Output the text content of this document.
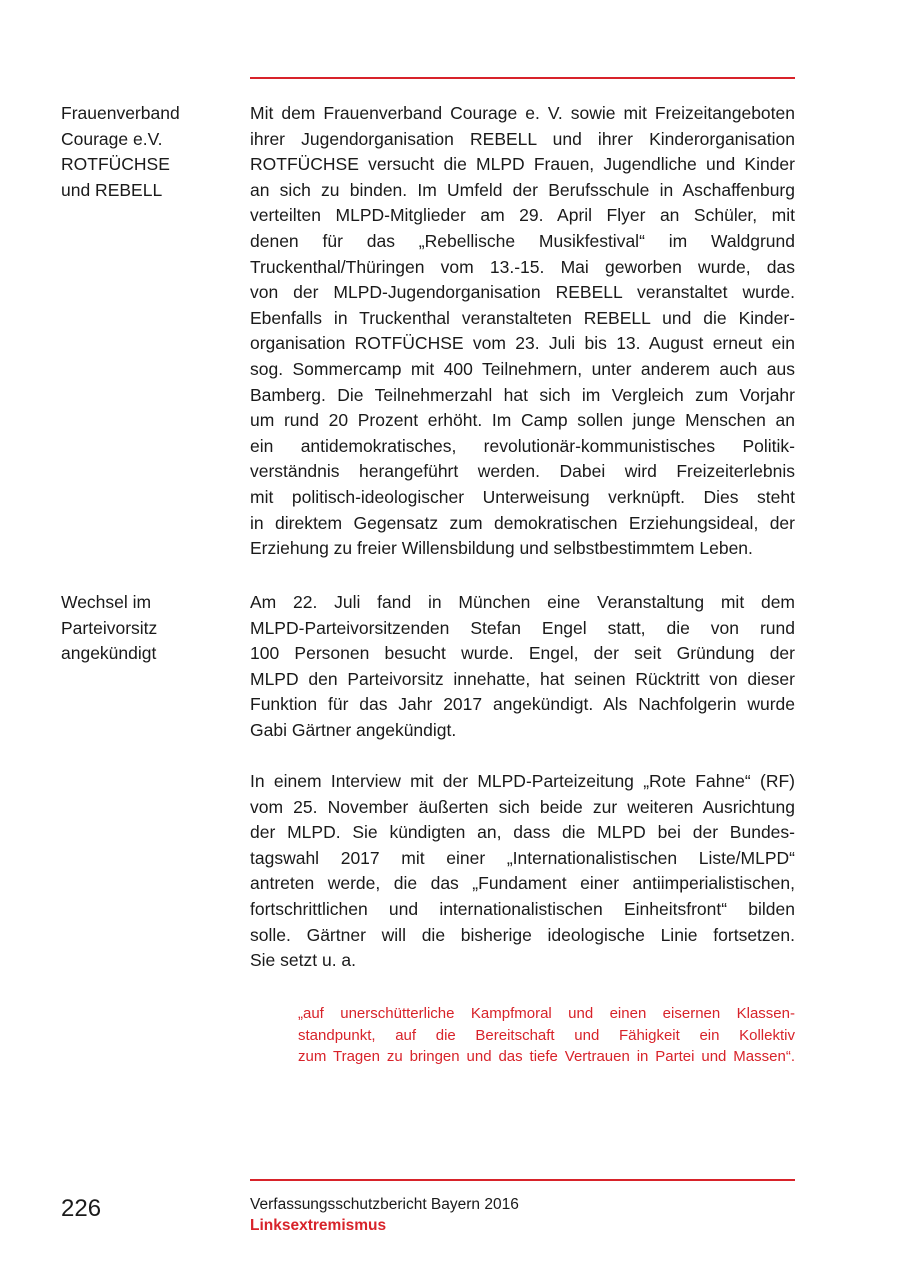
Frauenverband
Courage e.V.
ROTFÜCHSE
und REBELL
Mit dem Frauenverband Courage e. V. sowie mit Freizeitangeboten
ihrer Jugendorganisation REBELL und ihrer Kinderorganisation
ROTFÜCHSE versucht die MLPD Frauen, Jugendliche und Kinder
an sich zu binden. Im Umfeld der Berufsschule in Aschaffenburg
verteilten MLPD-Mitglieder am 29. April Flyer an Schüler, mit
denen für das „Rebellische Musikfestival“ im Waldgrund
Truckenthal/Thüringen vom 13.-15. Mai geworben wurde, das
von der MLPD-Jugendorganisation REBELL veranstaltet wurde.
Ebenfalls in Truckenthal veranstalteten REBELL und die Kinder-
organisation ROTFÜCHSE vom 23. Juli bis 13. August erneut ein
sog. Sommercamp mit 400 Teilnehmern, unter anderem auch aus
Bamberg. Die Teilnehmerzahl hat sich im Vergleich zum Vorjahr
um rund 20 Prozent erhöht. Im Camp sollen junge Menschen an
ein antidemokratisches, revolutionär-kommunistisches Politik-
verständnis herangeführt werden. Dabei wird Freizeiterlebnis
mit politisch-ideologischer Unterweisung verknüpft. Dies steht
in direktem Gegensatz zum demokratischen Erziehungsideal, der
Erziehung zu freier Willensbildung und selbstbestimmtem Leben.
Wechsel im
Parteivorsitz
angekündigt
Am 22. Juli fand in München eine Veranstaltung mit dem
MLPD-Parteivorsitzenden Stefan Engel statt, die von rund
100 Personen besucht wurde. Engel, der seit Gründung der
MLPD den Parteivorsitz innehatte, hat seinen Rücktritt von dieser
Funktion für das Jahr 2017 angekündigt. Als Nachfolgerin wurde
Gabi Gärtner angekündigt.
In einem Interview mit der MLPD-Parteizeitung „Rote Fahne“ (RF)
vom 25. November äußerten sich beide zur weiteren Ausrichtung
der MLPD. Sie kündigten an, dass die MLPD bei der Bundes-
tagswahl 2017 mit einer „Internationalistischen Liste/MLPD“
antreten werde, die das „Fundament einer antiimperialistischen,
fortschrittlichen und internationalistischen Einheitsfront“ bilden
solle. Gärtner will die bisherige ideologische Linie fortsetzen.
Sie setzt u. a.
„auf unerschütterliche Kampfmoral und einen eisernen Klassen-
standpunkt, auf die Bereitschaft und Fähigkeit ein Kollektiv
zum Tragen zu bringen und das tiefe Vertrauen in Partei und Massen“.
226	Verfassungsschutzbericht Bayern 2016
Linksextremismus
